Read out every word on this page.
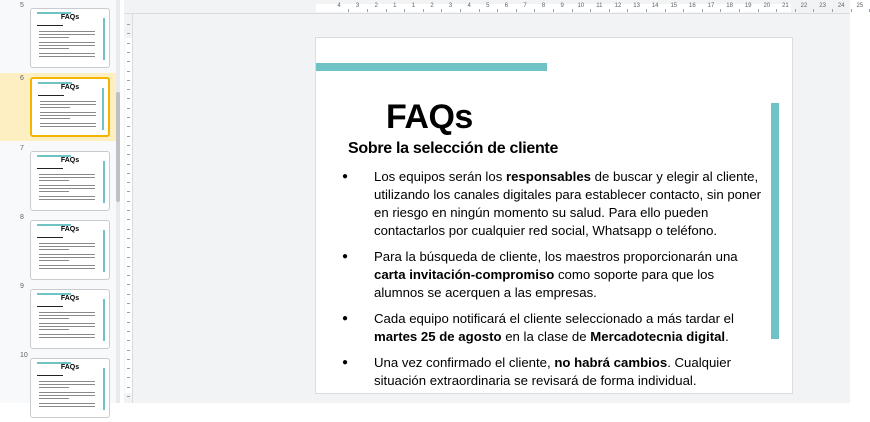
5
FAQs
6
FAQs
7
FAQs
8
FAQs
9
FAQs
10
FAQs
4	3	2	1	1	2	3	4	5	6	7	8	9 10 11 12 13 14 15 16 17 18 19 20 21 22 23 24 25
FAQs
Sobre la selección de cliente
● Los equipos serán los responsables de buscar y elegir al cliente, utilizando los canales digitales para establecer contacto, sin poner en riesgo en ningún momento su salud. Para ello pueden contactarlos por cualquier red social, Whatsapp o teléfono.
● Para la búsqueda de cliente, los maestros proporcionarán una carta invitación-compromiso como soporte para que los alumnos se acerquen a las empresas.
● Cada equipo notificará el cliente seleccionado a más tardar el martes 25 de agosto en la clase de Mercadotecnia digital.
● Una vez confirmado el cliente, no habrá cambios. Cualquier situación extraordinaria se revisará de forma individual.
